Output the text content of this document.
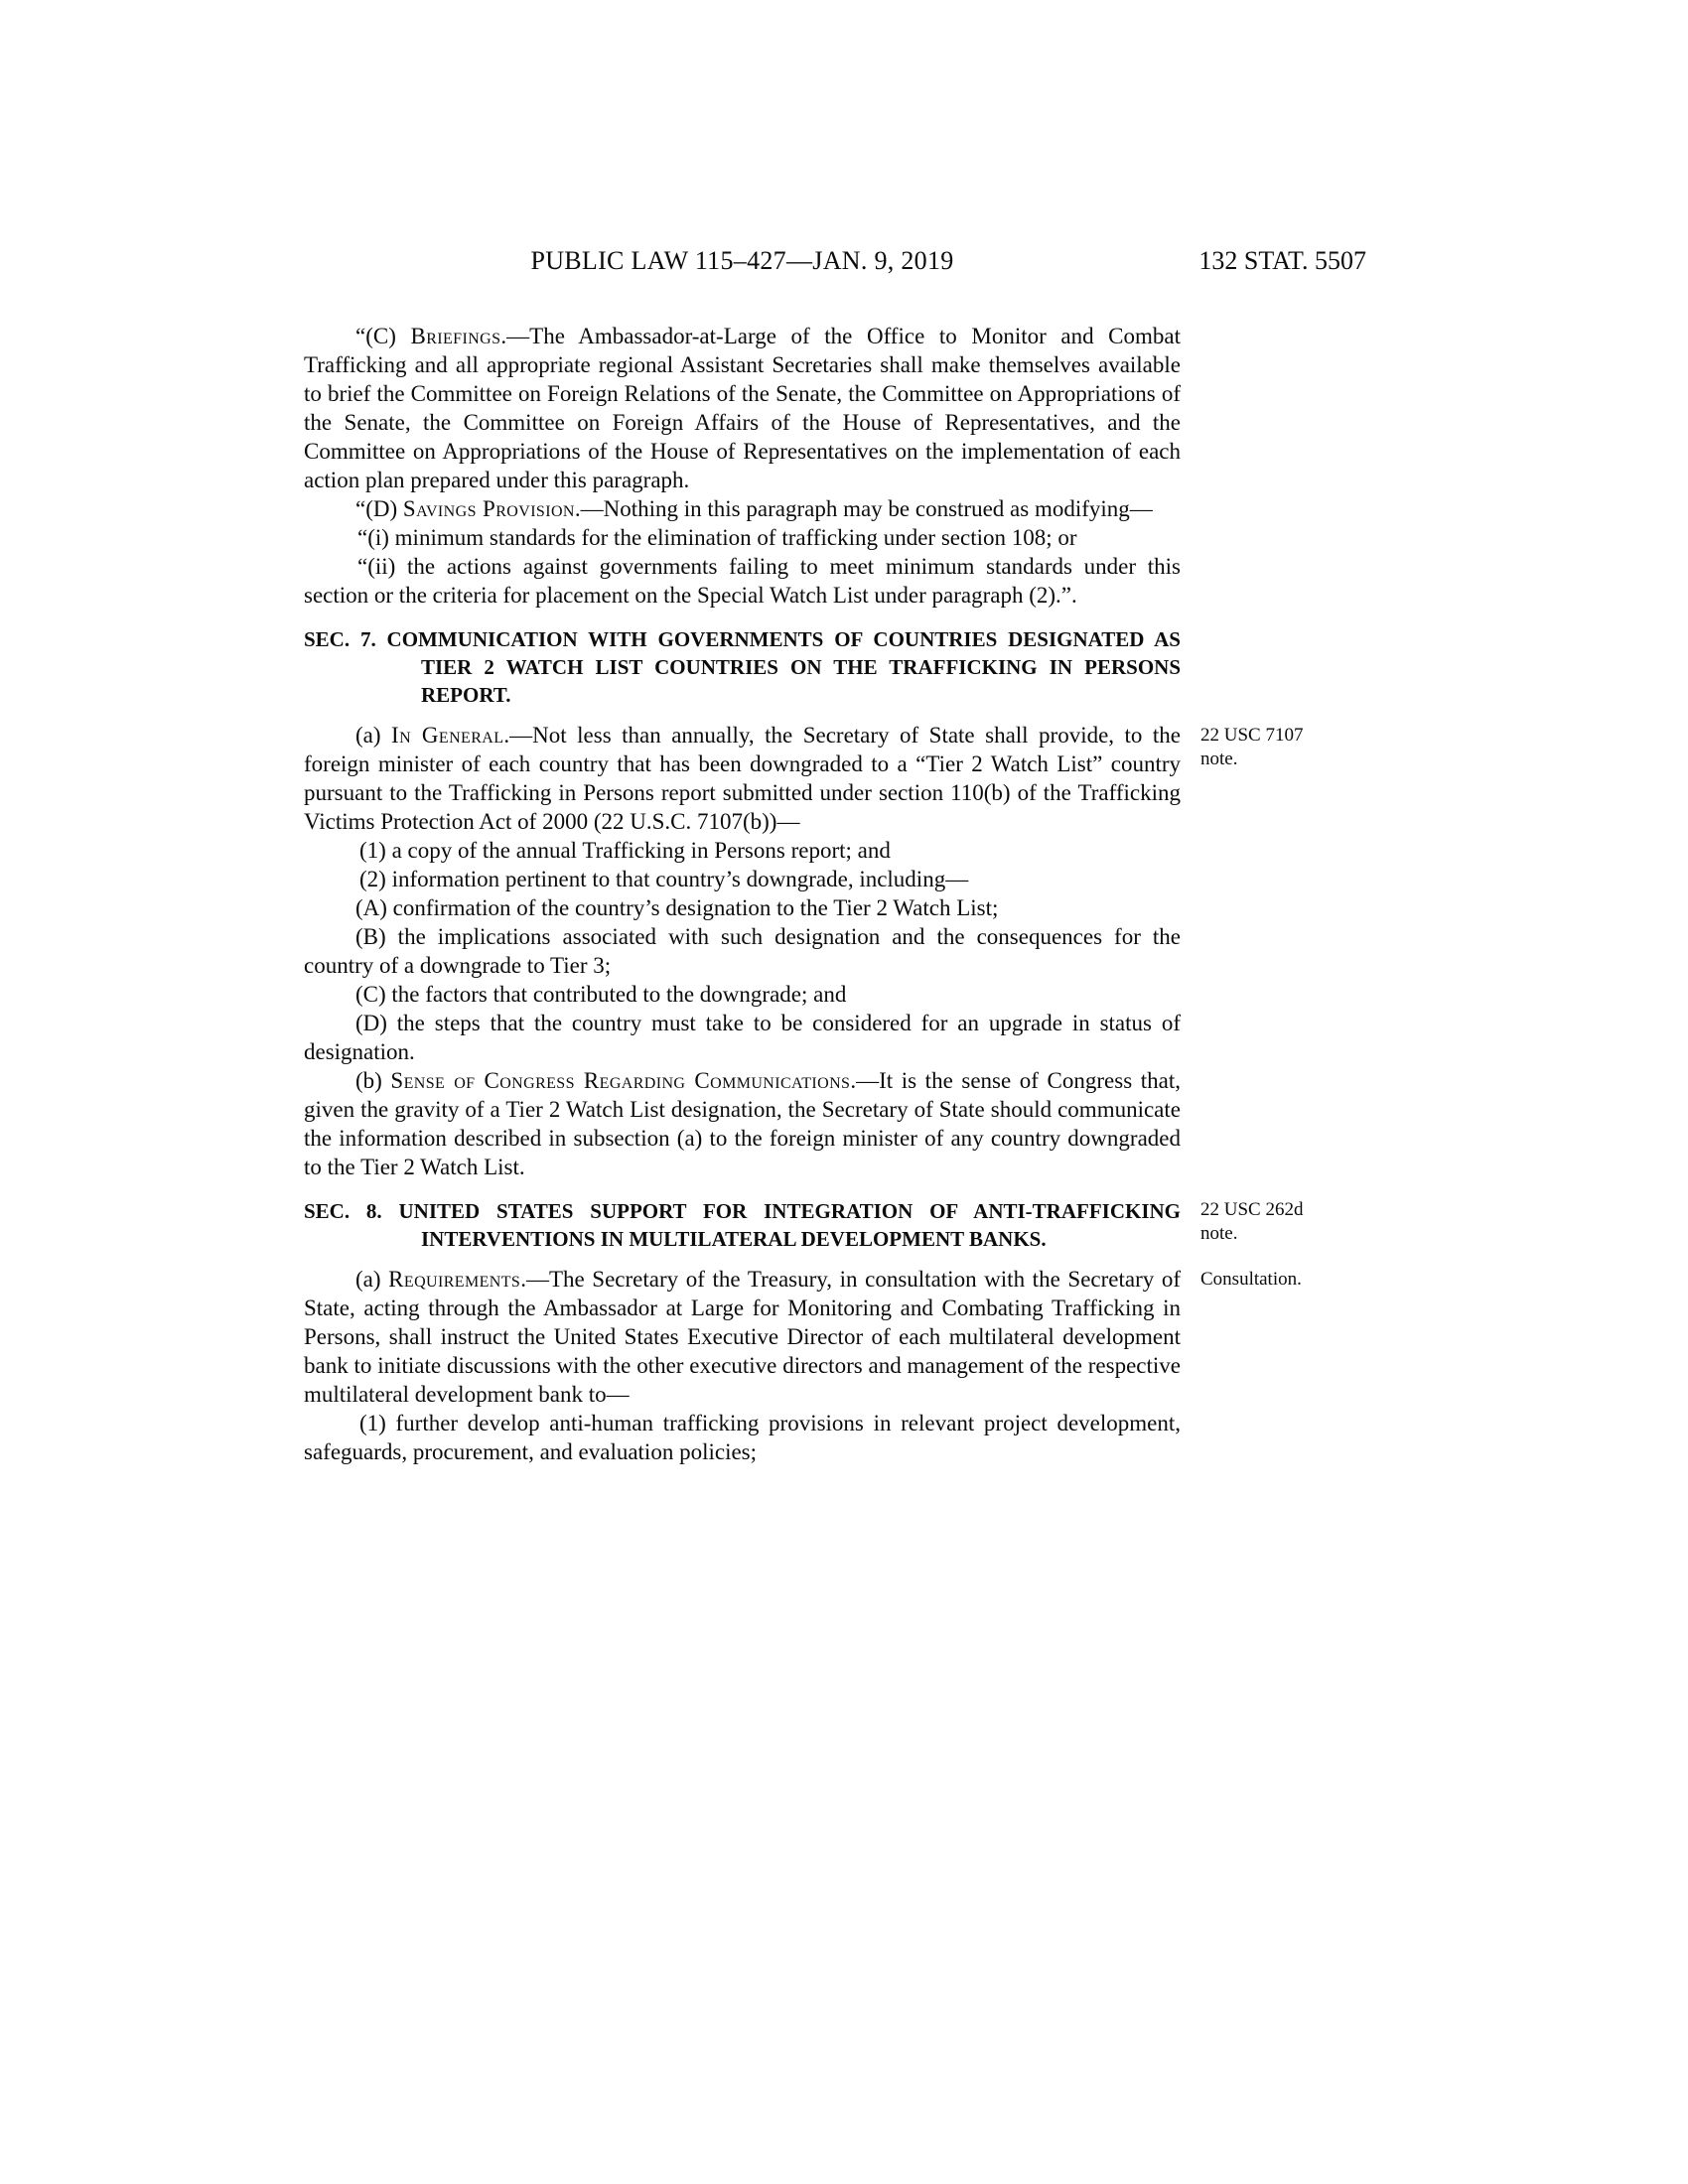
PUBLIC LAW 115–427—JAN. 9, 2019	132 STAT. 5507

“(C) Briefings.—The Ambassador-at-Large of the Office to Monitor and Combat Trafficking and all appropriate regional Assistant Secretaries shall make themselves available to brief the Committee on Foreign Relations of the Senate, the Committee on Appropriations of the Senate, the Committee on Foreign Affairs of the House of Representatives, and the Committee on Appropriations of the House of Representatives on the implementation of each action plan prepared under this paragraph.

“(D) Savings Provision.—Nothing in this paragraph may be construed as modifying—

“(i) minimum standards for the elimination of trafficking under section 108; or

“(ii) the actions against governments failing to meet minimum standards under this section or the criteria for placement on the Special Watch List under paragraph (2).”.

SEC. 7. COMMUNICATION WITH GOVERNMENTS OF COUNTRIES DESIGNATED AS TIER 2 WATCH LIST COUNTRIES ON THE TRAFFICKING IN PERSONS REPORT.

(a) In General.—Not less than annually, the Secretary of State shall provide, to the foreign minister of each country that has been downgraded to a “Tier 2 Watch List” country pursuant to the Trafficking in Persons report submitted under section 110(b) of the Trafficking Victims Protection Act of 2000 (22 U.S.C. 7107(b))—
22 USC 7107 note.

(1) a copy of the annual Trafficking in Persons report; and

(2) information pertinent to that country’s downgrade, including—

(A) confirmation of the country’s designation to the Tier 2 Watch List;

(B) the implications associated with such designation and the consequences for the country of a downgrade to Tier 3;

(C) the factors that contributed to the downgrade; and

(D) the steps that the country must take to be considered for an upgrade in status of designation.

(b) Sense of Congress Regarding Communications.—It is the sense of Congress that, given the gravity of a Tier 2 Watch List designation, the Secretary of State should communicate the information described in subsection (a) to the foreign minister of any country downgraded to the Tier 2 Watch List.

SEC. 8. UNITED STATES SUPPORT FOR INTEGRATION OF ANTI-TRAFFICKING INTERVENTIONS IN MULTILATERAL DEVELOPMENT BANKS.
22 USC 262d note.

(a) Requirements.—The Secretary of the Treasury, in consultation with the Secretary of State, acting through the Ambassador at Large for Monitoring and Combating Trafficking in Persons, shall instruct the United States Executive Director of each multilateral development bank to initiate discussions with the other executive directors and management of the respective multilateral development bank to—
Consultation.

(1) further develop anti-human trafficking provisions in relevant project development, safeguards, procurement, and evaluation policies;
